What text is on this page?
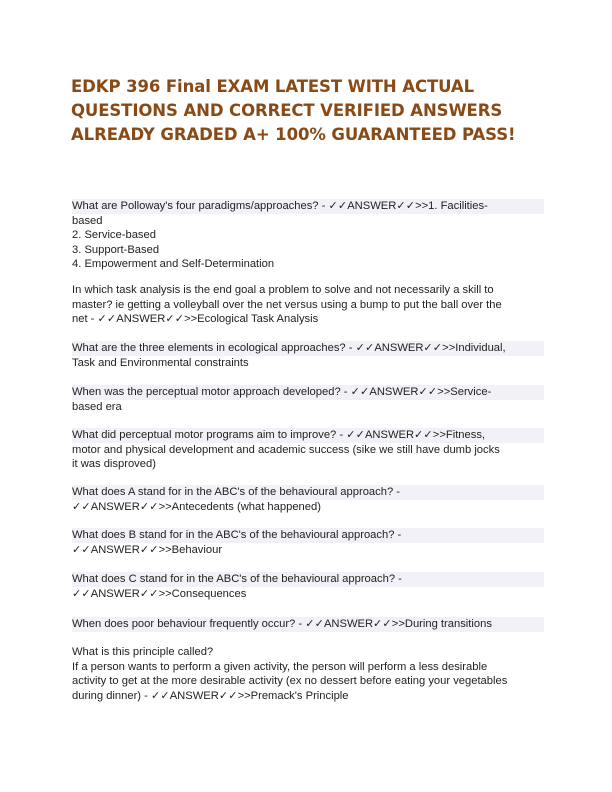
EDKP 396 Final EXAM LATEST WITH ACTUAL
QUESTIONS AND CORRECT VERIFIED ANSWERS
ALREADY GRADED A+ 100% GUARANTEED PASS!
What are Polloway's four paradigms/approaches? - ✓✓ANSWER✓✓>>1. Facilities-
based
2. Service-based
3. Support-Based
4. Empowerment and Self-Determination
In which task analysis is the end goal a problem to solve and not necessarily a skill to
master? ie getting a volleyball over the net versus using a bump to put the ball over the
net - ✓✓ANSWER✓✓>>Ecological Task Analysis
What are the three elements in ecological approaches? - ✓✓ANSWER✓✓>>Individual,
Task and Environmental constraints
When was the perceptual motor approach developed? - ✓✓ANSWER✓✓>>Service-
based era
What did perceptual motor programs aim to improve? - ✓✓ANSWER✓✓>>Fitness,
motor and physical development and academic success (sike we still have dumb jocks
it was disproved)
What does A stand for in the ABC's of the behavioural approach? -
✓✓ANSWER✓✓>>Antecedents (what happened)
What does B stand for in the ABC's of the behavioural approach? -
✓✓ANSWER✓✓>>Behaviour
What does C stand for in the ABC's of the behavioural approach? -
✓✓ANSWER✓✓>>Consequences
When does poor behaviour frequently occur? - ✓✓ANSWER✓✓>>During transitions
What is this principle called?
If a person wants to perform a given activity, the person will perform a less desirable
activity to get at the more desirable activity (ex no dessert before eating your vegetables
during dinner) - ✓✓ANSWER✓✓>>Premack's Principle
